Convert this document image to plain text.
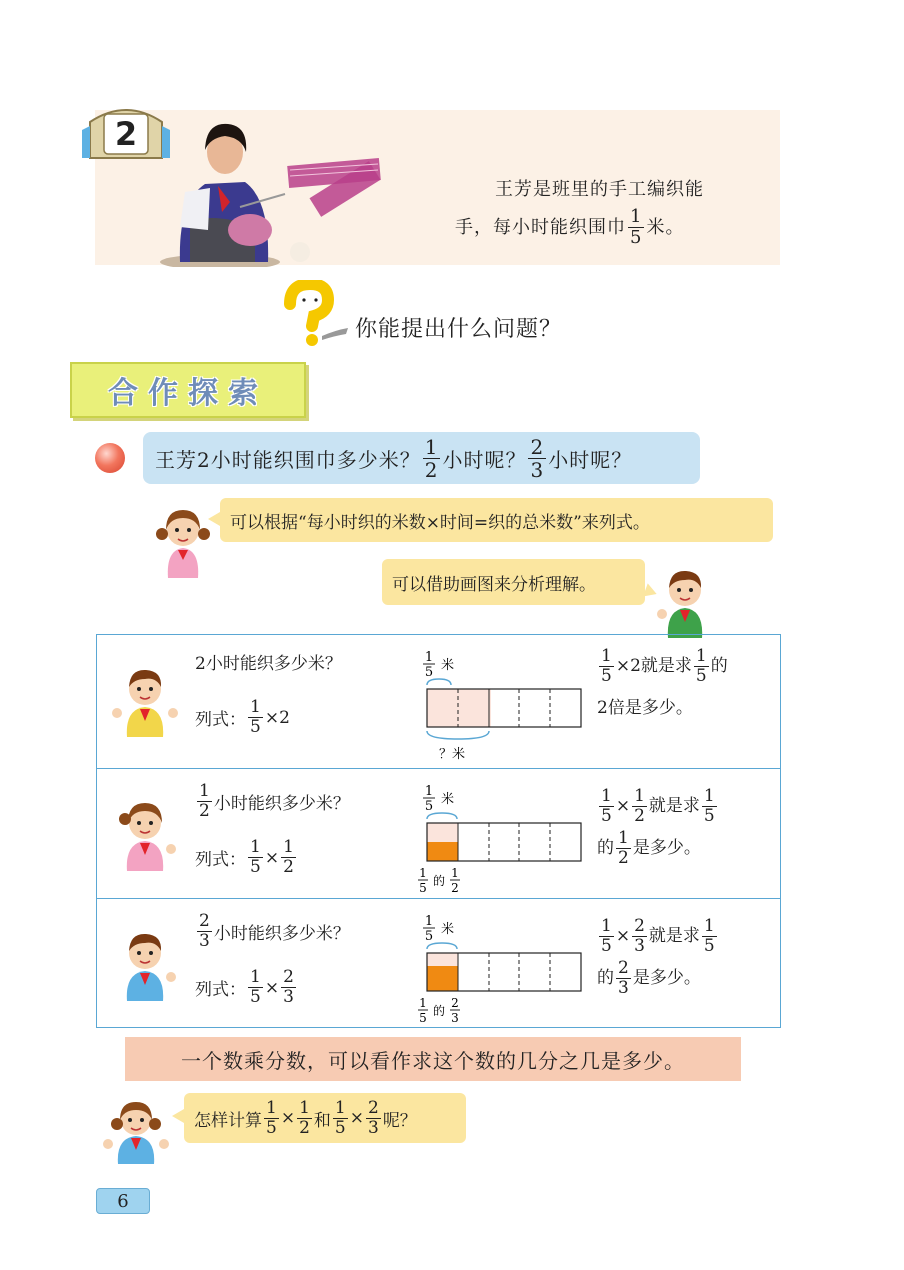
2
王芳是班里的手工编织能
手，每小时能织围巾 $\frac{1}{5}$ 米。
你能提出什么问题？
合作探索
王芳2小时能织围巾多少米？ $\frac{1}{2}$ 小时呢？ $\frac{2}{3}$ 小时呢？
可以根据“每小时织的米数×时间=织的总米数”来列式。
可以借助画图来分析理解。
2小时能织多少米？
列式： $\frac{1}{5} \times 2$
1
5 米
？米
$\frac{1}{5} \times 2$就是求 $\frac{1}{5}$ 的
2倍是多少。
$\frac{1}{2}$ 小时能织多少米？
列式： $\frac{1}{5} \times \frac{1}{2}$
1
5 米
1
5 的
1
2
$\frac{1}{5} \times \frac{1}{2}$ 就是求 $\frac{1}{5}$
的 $\frac{1}{2}$ 是多少。
$\frac{2}{3}$ 小时能织多少米？
列式： $\frac{1}{5} \times \frac{2}{3}$
1
5 米
1
5 的
2
3
$\frac{1}{5} \times \frac{2}{3}$ 就是求 $\frac{1}{5}$
的 $\frac{2}{3}$ 是多少。
一个数乘分数，可以看作求这个数的几分之几是多少。
怎样计算 $\frac{1}{5} \times \frac{1}{2}$ 和 $\frac{1}{5} \times \frac{2}{3}$ 呢？
6
